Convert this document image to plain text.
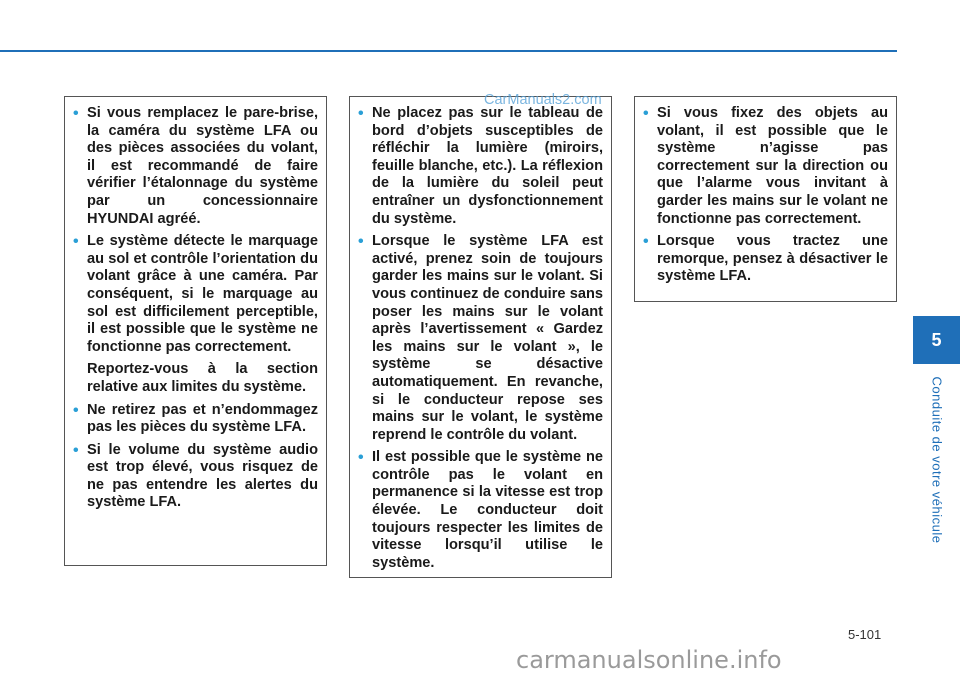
• Si vous remplacez le pare-brise, la caméra du système LFA ou des pièces associées du volant, il est recommandé de faire vérifier l’étalonnage du système par un concessionnaire HYUNDAI agréé.
• Le système détecte le marquage au sol et contrôle l’orientation du volant grâce à une caméra. Par conséquent, si le marquage au sol est difficilement perceptible, il est possible que le système ne fonctionne pas correctement.

Reportez-vous à la section relative aux limites du système.

• Ne retirez pas et n’endommagez pas les pièces du système LFA.
• Si le volume du système audio est trop élevé, vous risquez de ne pas entendre les alertes du système LFA.
• Ne placez pas sur le tableau de bord d’objets susceptibles de réfléchir la lumière (miroirs, feuille blanche, etc.). La réflexion de la lumière du soleil peut entraîner un dysfonctionnement du système.
• Lorsque le système LFA est activé, prenez soin de toujours garder les mains sur le volant. Si vous continuez de conduire sans poser les mains sur le volant après l’avertissement « Gardez les mains sur le volant », le système se désactive automatiquement. En revanche, si le conducteur repose ses mains sur le volant, le système reprend le contrôle du volant.
• Il est possible que le système ne contrôle pas le volant en permanence si la vitesse est trop élevée. Le conducteur doit toujours respecter les limites de vitesse lorsqu’il utilise le système.
• Si vous fixez des objets au volant, il est possible que le système n’agisse pas correctement sur la direction ou que l’alarme vous invitant à garder les mains sur le volant ne fonctionne pas correctement.
• Lorsque vous tractez une remorque, pensez à désactiver le système LFA.
CarManuals2.com
5
Conduite de votre véhicule
5-101
carmanualsonline.info
